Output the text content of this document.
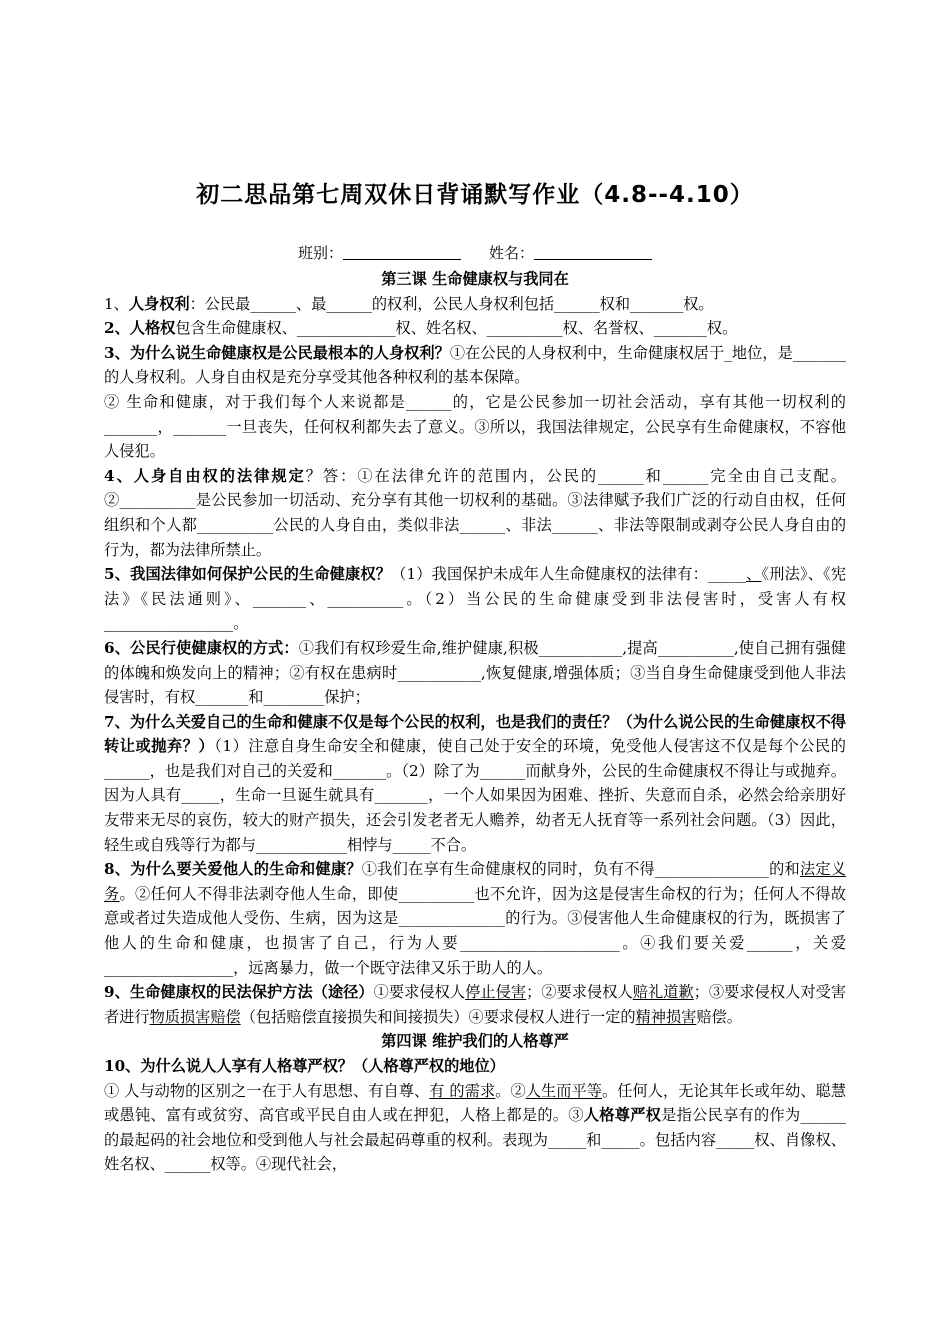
初二思品第七周双休日背诵默写作业（4.8--4.10）
班别：	姓名：

第三课 生命健康权与我同在

1、人身权利：公民最______、最______的权利，公民人身权利包括______权和_______权。

2、人格权包含生命健康权、_____________权、姓名权、__________权、名誉权、_______权。

3、为什么说生命健康权是公民最根本的人身权利？①在公民的人身权利中，生命健康权居于_地位，是_______的人身权利。人身自由权是充分享受其他各种权利的基本保障。

② 生命和健康，对于我们每个人来说都是______的，它是公民参加一切社会活动，享有其他一切权利的_______，_______一旦丧失，任何权利都失去了意义。③所以，我国法律规定，公民享有生命健康权，不容他人侵犯。

4、人身自由权的法律规定？答：①在法律允许的范围内，公民的______和______完全由自己支配。②__________是公民参加一切活动、充分享有其他一切权利的基础。③法律赋予我们广泛的行动自由权，任何组织和个人都__________公民的人身自由，类似非法______、非法______、非法等限制或剥夺公民人身自由的行为，都为法律所禁止。

5、我国法律如何保护公民的生命健康权？（1）我国保护未成年人生命健康权的法律有：_____、《刑法》、《宪法》《民法通则》、_______、__________。（2）当公民的生命健康受到非法侵害时，受害人有权_________________。

6、公民行使健康权的方式：①我们有权珍爱生命,维护健康,积极___________,提高__________,使自己拥有强健的体魄和焕发向上的精神；②有权在患病时___________,恢复健康,增强体质；③当自身生命健康受到他人非法侵害时，有权_______和________保护；

7、为什么关爱自己的生命和健康不仅是每个公民的权利，也是我们的责任？（为什么说公民的生命健康权不得转让或抛弃？）（1）注意自身生命安全和健康，使自己处于安全的环境，免受他人侵害这不仅是每个公民的______，也是我们对自己的关爱和_______。（2）除了为______而献身外，公民的生命健康权不得让与或抛弃。因为人具有_____，生命一旦诞生就具有_______，一个人如果因为困难、挫折、失意而自杀，必然会给亲朋好友带来无尽的哀伤，较大的财产损失，还会引发老者无人赡养，幼者无人抚育等一系列社会问题。（3）因此，轻生或自残等行为都与____________相悖与_____不合。

8、为什么要关爱他人的生命和健康？①我们在享有生命健康权的同时，负有不得_______________的和法定义务。②任何人不得非法剥夺他人生命，即使__________也不允许，因为这是侵害生命权的行为；任何人不得故意或者过失造成他人受伤、生病，因为这是______________的行为。③侵害他人生命健康权的行为，既损害了他人的生命和健康，也损害了自己，行为人要_____________________。④我们要关爱______，关爱_________________，远离暴力，做一个既守法律又乐于助人的人。

9、生命健康权的民法保护方法（途径）①要求侵权人停止侵害；②要求侵权人赔礼道歉；③要求侵权人对受害者进行物质损害赔偿（包括赔偿直接损失和间接损失）④要求侵权人进行一定的精神损害赔偿。

第四课 维护我们的人格尊严

10、为什么说人人享有人格尊严权？（人格尊严权的地位）

① 人与动物的区别之一在于人有思想、有自尊、有 的需求。②人生而平等。任何人，无论其年长或年幼、聪慧或愚钝、富有或贫穷、高官或平民自由人或在押犯，人格上都是的。③人格尊严权是指公民享有的作为______的最起码的社会地位和受到他人与社会最起码尊重的权利。表现为_____和_____。包括内容_____权、肖像权、姓名权、______权等。④现代社会，
